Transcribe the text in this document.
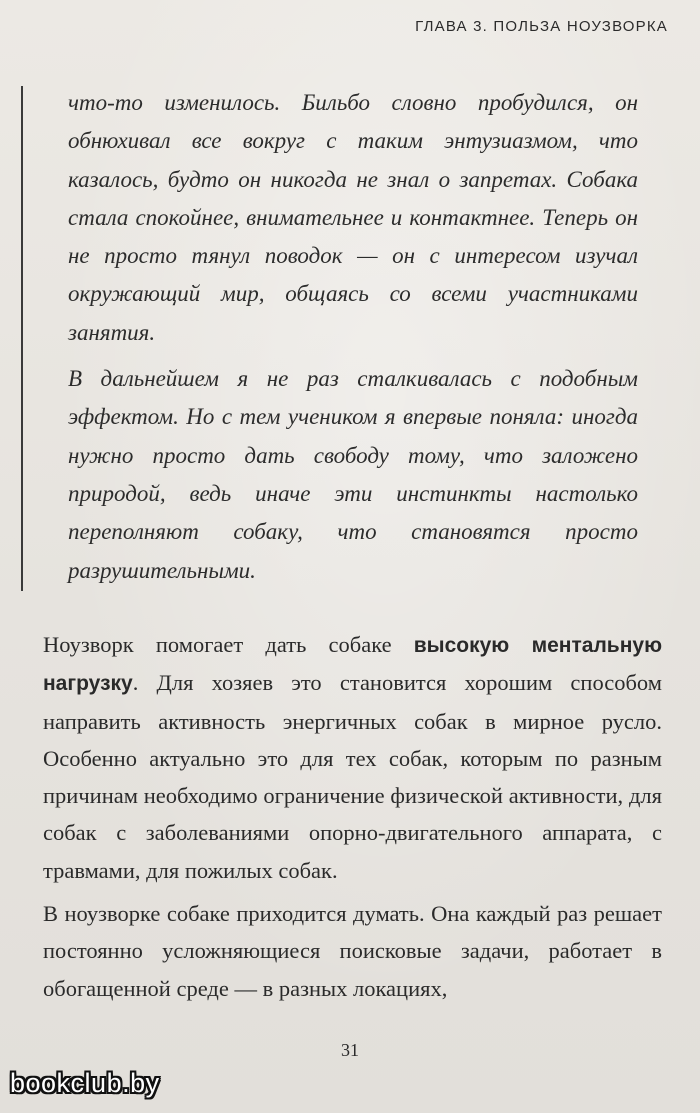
ГЛАВА 3. ПОЛЬЗА НОУЗВОРКА

что-то изменилось. Бильбо словно пробудился, он обнюхивал все вокруг с таким энтузиазмом, что казалось, будто он никогда не знал о запретах. Собака стала спокойнее, внимательнее и контактнее. Теперь он не просто тянул поводок — он с интересом изучал окружающий мир, общаясь со всеми участниками занятия.

В дальнейшем я не раз сталкивалась с подобным эффектом. Но с тем учеником я впервые поняла: иногда нужно просто дать свободу тому, что заложено природой, ведь иначе эти инстинкты настолько переполняют собаку, что становятся просто разрушительными.

Ноузворк помогает дать собаке высокую ментальную нагрузку. Для хозяев это становится хорошим способом направить активность энергичных собак в мирное русло. Особенно актуально это для тех собак, которым по разным причинам необходимо ограничение физической активности, для собак с заболеваниями опорно-двигательного аппарата, с травмами, для пожилых собак.

В ноузворке собаке приходится думать. Она каждый раз решает постоянно усложняющиеся поисковые задачи, работает в обогащенной среде — в разных локациях,

31
bookclub.by
